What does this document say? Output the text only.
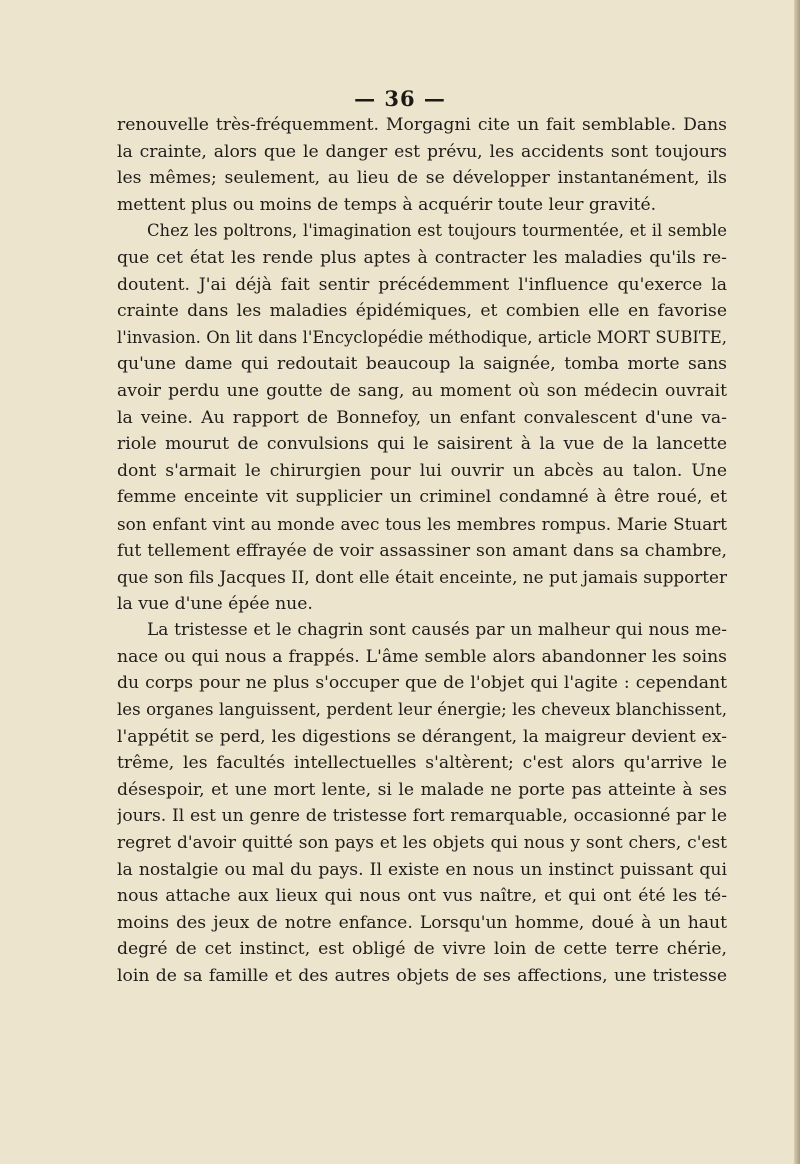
— 36 —
renouvelle très-fréquemment. Morgagni cite un fait semblable. Dans
la crainte, alors que le danger est prévu, les accidents sont toujours
les mêmes; seulement, au lieu de se développer instantanément, ils
mettent plus ou moins de temps à acquérir toute leur gravité.
Chez les poltrons, l'imagination est toujours tourmentée, et il semble
que cet état les rende plus aptes à contracter les maladies qu'ils re-
doutent. J'ai déjà fait sentir précédemment l'influence qu'exerce la
crainte dans les maladies épidémiques, et combien elle en favorise
l'invasion. On lit dans l'Encyclopédie méthodique, article MORT SUBITE,
qu'une dame qui redoutait beaucoup la saignée, tomba morte sans
avoir perdu une goutte de sang, au moment où son médecin ouvrait
la veine. Au rapport de Bonnefoy, un enfant convalescent d'une va-
riole mourut de convulsions qui le saisirent à la vue de la lancette
dont s'armait le chirurgien pour lui ouvrir un abcès au talon. Une
femme enceinte vit supplicier un criminel condamné à être roué, et
son enfant vint au monde avec tous les membres rompus. Marie Stuart
fut tellement effrayée de voir assassiner son amant dans sa chambre,
que son fils Jacques II, dont elle était enceinte, ne put jamais supporter
la vue d'une épée nue.
La tristesse et le chagrin sont causés par un malheur qui nous me-
nace ou qui nous a frappés. L'âme semble alors abandonner les soins
du corps pour ne plus s'occuper que de l'objet qui l'agite : cependant
les organes languissent, perdent leur énergie; les cheveux blanchissent,
l'appétit se perd, les digestions se dérangent, la maigreur devient ex-
trême, les facultés intellectuelles s'altèrent; c'est alors qu'arrive le
désespoir, et une mort lente, si le malade ne porte pas atteinte à ses
jours. Il est un genre de tristesse fort remarquable, occasionné par le
regret d'avoir quitté son pays et les objets qui nous y sont chers, c'est
la nostalgie ou mal du pays. Il existe en nous un instinct puissant qui
nous attache aux lieux qui nous ont vus naître, et qui ont été les té-
moins des jeux de notre enfance. Lorsqu'un homme, doué à un haut
degré de cet instinct, est obligé de vivre loin de cette terre chérie,
loin de sa famille et des autres objets de ses affections, une tristesse
